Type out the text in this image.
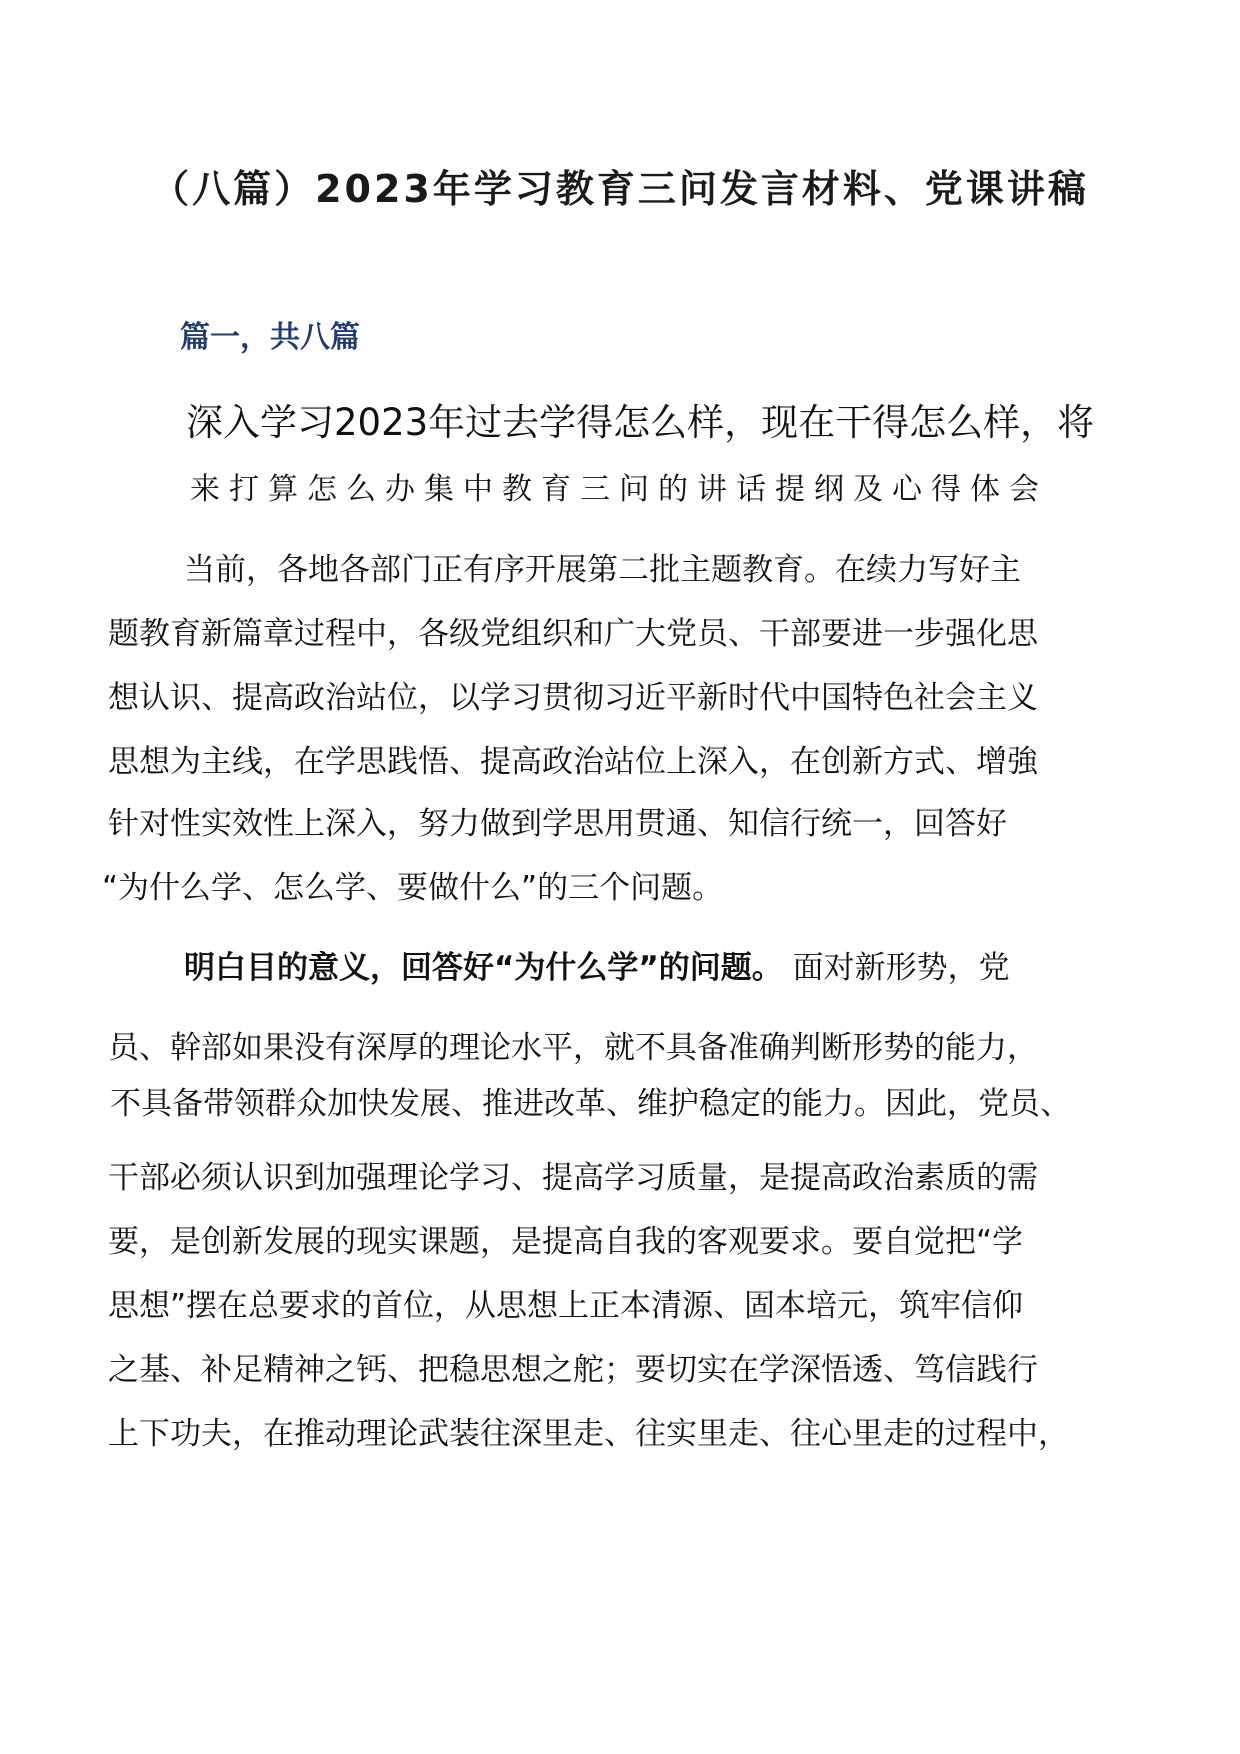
（八篇）2023年学习教育三问发言材料、党课讲稿
篇一，共八篇
深入学习2023年过去学得怎么样，现在干得怎么样，将
来打算怎么办集中教育三问的讲话提纲及心得体会
当前，各地各部门正有序开展第二批主题教育。在续力写好主
题教育新篇章过程中，各级党组织和广大党员、干部要进一步强化思
想认识、提高政治站位，以学习贯彻习近平新时代中国特色社会主义
思想为主线，在学思践悟、提高政治站位上深入，在创新方式、增強
针对性实效性上深入，努力做到学思用贯通、知信行统一，回答好
“为什么学、怎么学、要做什么”的三个问题。
明白目的意义，回答好“为什么学”的问题。 面对新形势，党
员、幹部如果没有深厚的理论水平，就不具备准确判断形势的能力，
不具备带领群众加快发展、推进改革、维护稳定的能力。因此，党员、
干部必须认识到加强理论学习、提高学习质量，是提高政治素质的需
要，是创新发展的现实课题，是提高自我的客观要求。要自觉把“学
思想”摆在总要求的首位，从思想上正本清源、固本培元，筑牢信仰
之基、补足精神之钙、把稳思想之舵；要切实在学深悟透、笃信践行
上下功夫，在推动理论武装往深里走、往实里走、往心里走的过程中，
